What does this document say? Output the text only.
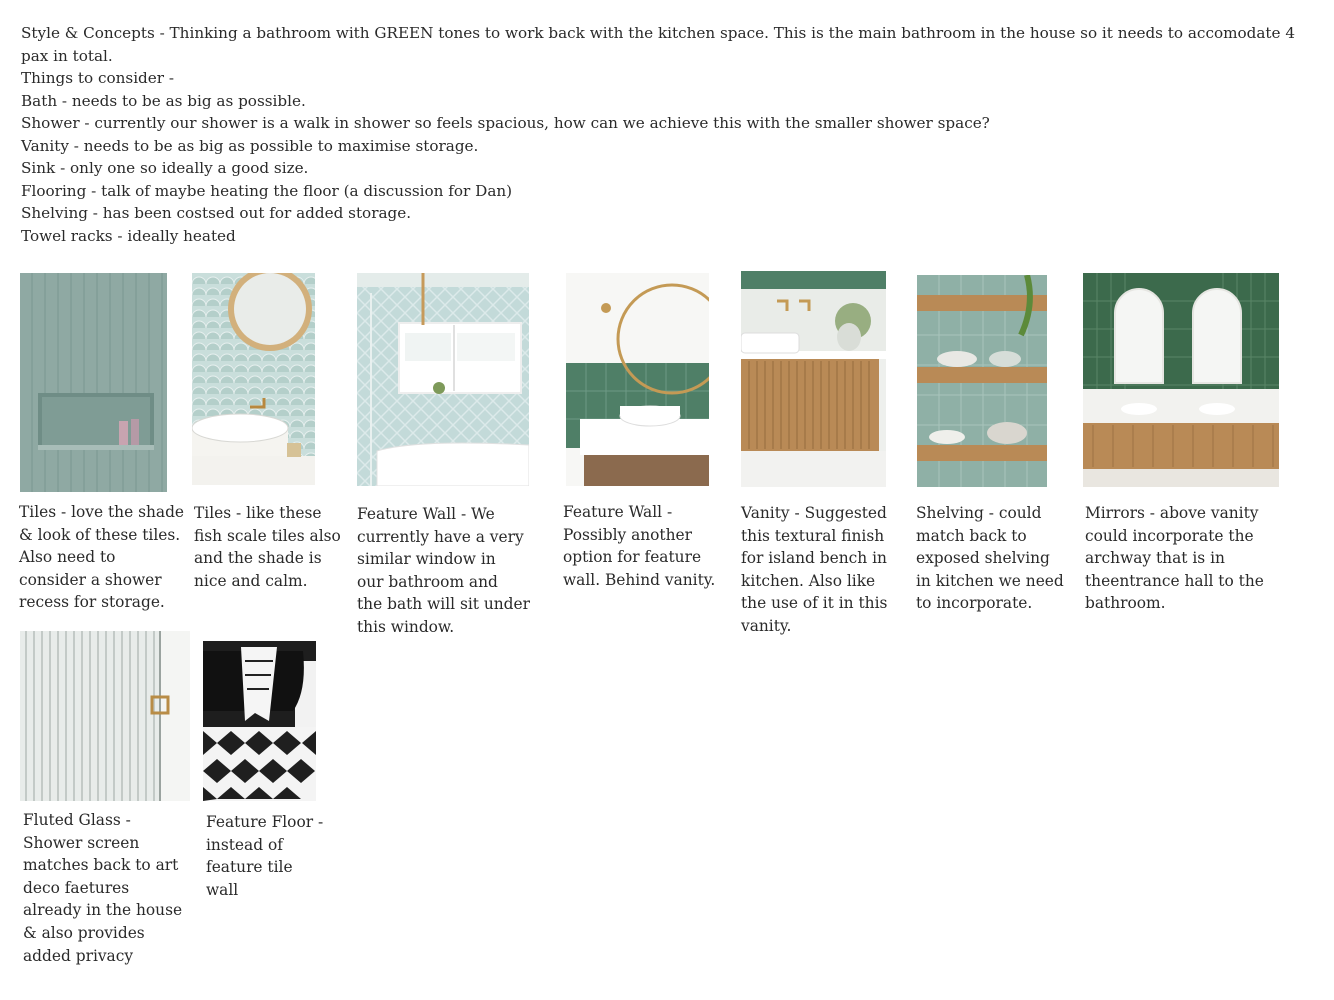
Style & Concepts - Thinking a bathroom with GREEN tones to work back with the kitchen space. This is the main bathroom in the house so it needs to accomodate 4 pax in total.
Things to consider -
Bath - needs to be as big as possible.
Shower - currently our shower is a walk in shower so feels spacious, how can we achieve this with the smaller shower space?
Vanity - needs to be as big as possible to maximise storage.
Sink - only one so ideally a good size.
Flooring - talk of maybe heating the floor (a discussion for Dan)
Shelving - has been costsed out for added storage.
Towel racks - ideally heated
Tiles - love the shade
& look of these tiles.
Also need to
consider a shower
recess for storage.
Tiles - like these
fish scale tiles also
and the shade is
nice and calm.
Feature Wall - We
currently have a very
similar window in
our bathroom and
the bath will sit under
this window.
Feature Wall -
Possibly another
option for feature
wall. Behind vanity.
Vanity - Suggested
this textural finish
for island bench in
kitchen. Also like
the use of it in this
vanity.
Shelving - could
match back to
exposed shelving
in kitchen we need
to incorporate.
Mirrors - above vanity
could incorporate the
archway that is in
theentrance hall to the
bathroom.
Fluted Glass -
Shower screen
matches back to art
deco faetures
already in the house
& also provides
added privacy
Feature Floor -
instead of
feature tile
wall
